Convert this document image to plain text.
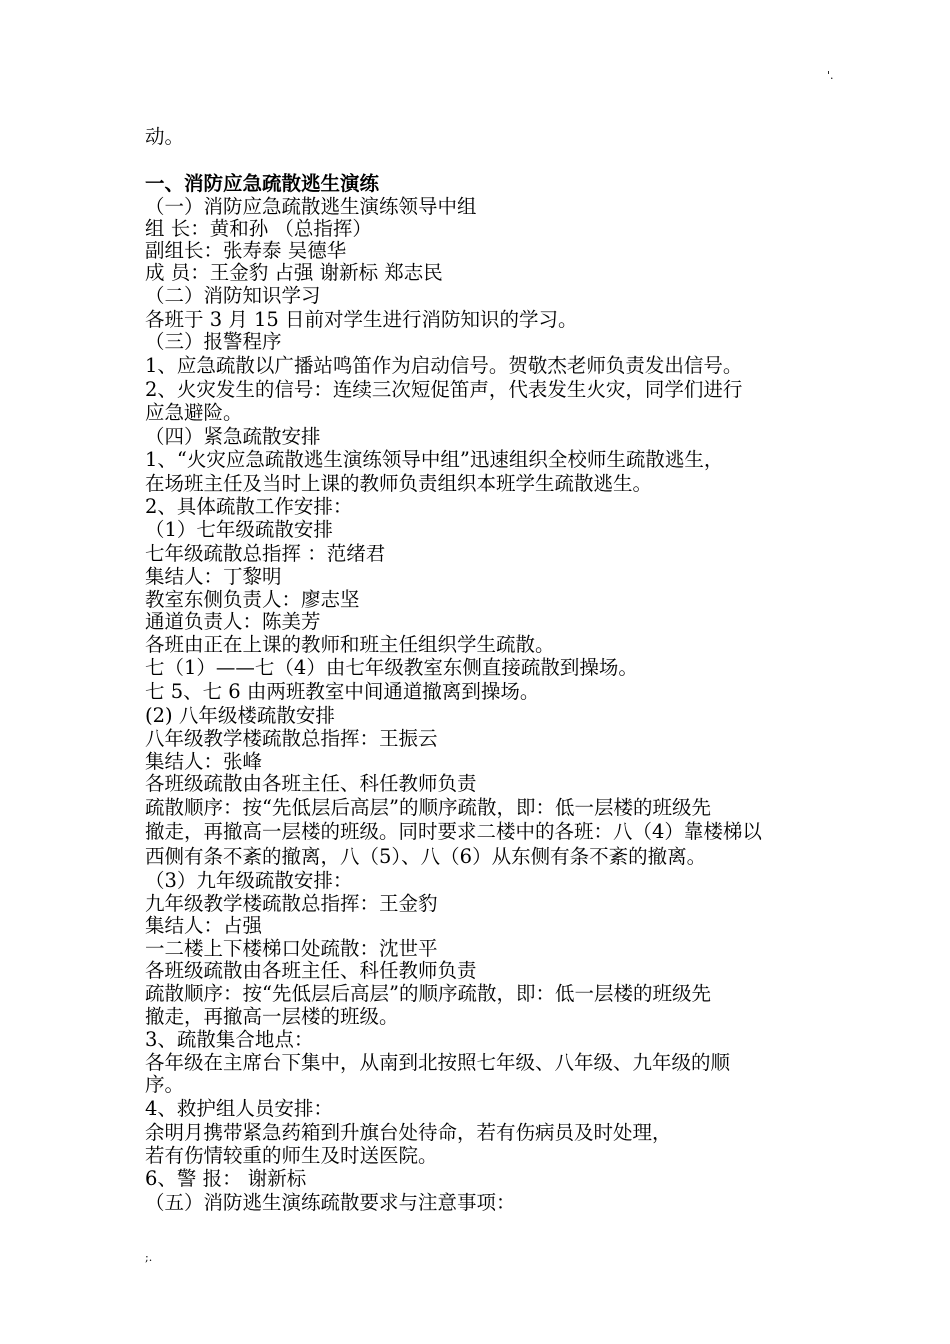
'.
动。
一、消防应急疏散逃生演练
（一）消防应急疏散逃生演练领导中组
组 长：黄和孙 （总指挥）
副组长：张寿泰 吴德华
成 员：王金豹 占强 谢新标 郑志民
（二）消防知识学习
各班于 3 月 15 日前对学生进行消防知识的学习。
（三）报警程序
1、应急疏散以广播站鸣笛作为启动信号。贺敬杰老师负责发出信号。
2、火灾发生的信号：连续三次短促笛声，代表发生火灾，同学们进行
应急避险。
（四）紧急疏散安排
1、“火灾应急疏散逃生演练领导中组”迅速组织全校师生疏散逃生，
在场班主任及当时上课的教师负责组织本班学生疏散逃生。
2、具体疏散工作安排：
（1）七年级疏散安排
七年级疏散总指挥 ：范绪君
集结人：丁黎明
教室东侧负责人：廖志坚
通道负责人：陈美芳
各班由正在上课的教师和班主任组织学生疏散。
七（1）——七（4）由七年级教室东侧直接疏散到操场。
七 5、七 6 由两班教室中间通道撤离到操场。
(2) 八年级楼疏散安排
八年级教学楼疏散总指挥：王振云
集结人：张峰
各班级疏散由各班主任、科任教师负责
疏散顺序：按“先低层后高层”的顺序疏散，即：低一层楼的班级先
撤走，再撤高一层楼的班级。同时要求二楼中的各班：八（4）靠楼梯以
西侧有条不紊的撤离，八（5）、八（6）从东侧有条不紊的撤离。
（3）九年级疏散安排：
九年级教学楼疏散总指挥：王金豹
集结人：占强
一二楼上下楼梯口处疏散：沈世平
各班级疏散由各班主任、科任教师负责
疏散顺序：按“先低层后高层”的顺序疏散，即：低一层楼的班级先
撤走，再撤高一层楼的班级。
3、疏散集合地点：
各年级在主席台下集中，从南到北按照七年级、八年级、九年级的顺
序。
4、救护组人员安排：
余明月携带紧急药箱到升旗台处待命，若有伤病员及时处理，
若有伤情较重的师生及时送医院。
6、警 报： 谢新标
（五）消防逃生演练疏散要求与注意事项：
;.
